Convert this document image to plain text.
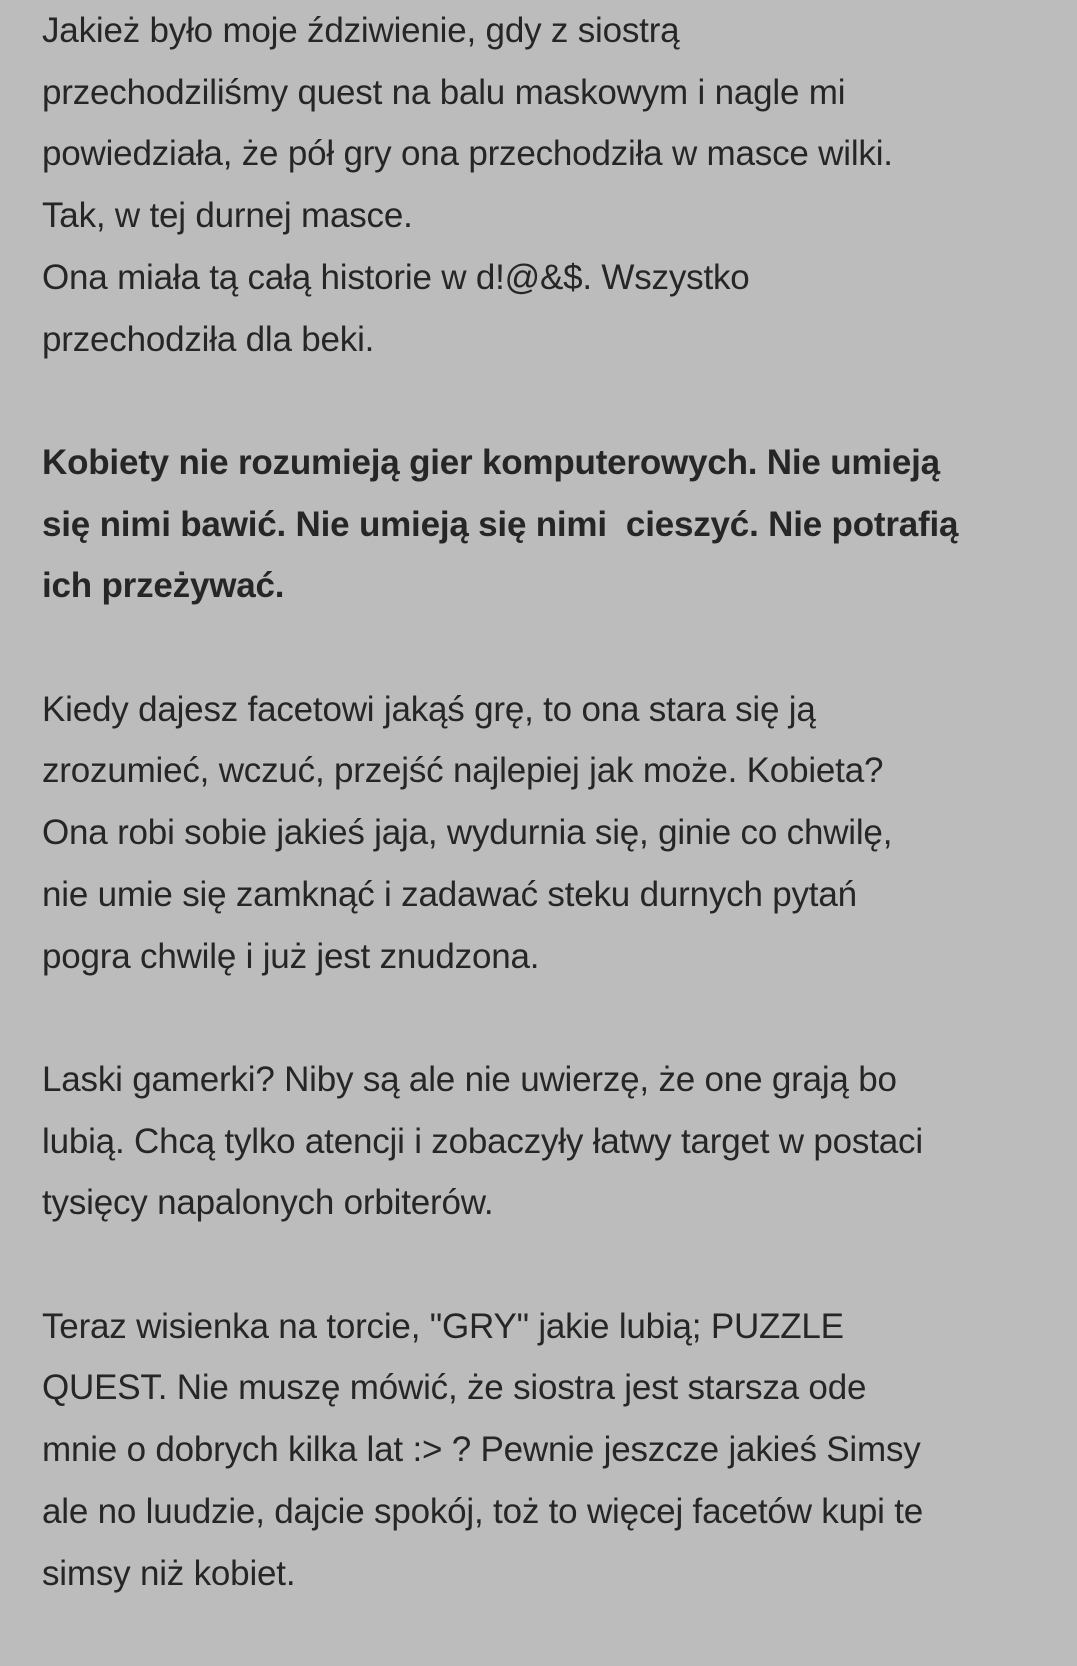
Jakież było moje ździwienie, gdy z siostrą
przechodziliśmy quest na balu maskowym i nagle mi
powiedziała, że pół gry ona przechodziła w masce wilki.
Tak, w tej durnej masce.
Ona miała tą całą historie w d!@&$. Wszystko
przechodziła dla beki.

Kobiety nie rozumieją gier komputerowych. Nie umieją
się nimi bawić. Nie umieją się nimi  cieszyć. Nie potrafią
ich przeżywać.

Kiedy dajesz facetowi jakąś grę, to ona stara się ją
zrozumieć, wczuć, przejść najlepiej jak może. Kobieta?
Ona robi sobie jakieś jaja, wydurnia się, ginie co chwilę,
nie umie się zamknąć i zadawać steku durnych pytań
pogra chwilę i już jest znudzona.

Laski gamerki? Niby są ale nie uwierzę, że one grają bo
lubią. Chcą tylko atencji i zobaczyły łatwy target w postaci
tysięcy napalonych orbiterów.

Teraz wisienka na torcie, "GRY" jakie lubią; PUZZLE
QUEST. Nie muszę mówić, że siostra jest starsza ode
mnie o dobrych kilka lat :> ? Pewnie jeszcze jakieś Simsy
ale no luudzie, dajcie spokój, toż to więcej facetów kupi te
simsy niż kobiet.
